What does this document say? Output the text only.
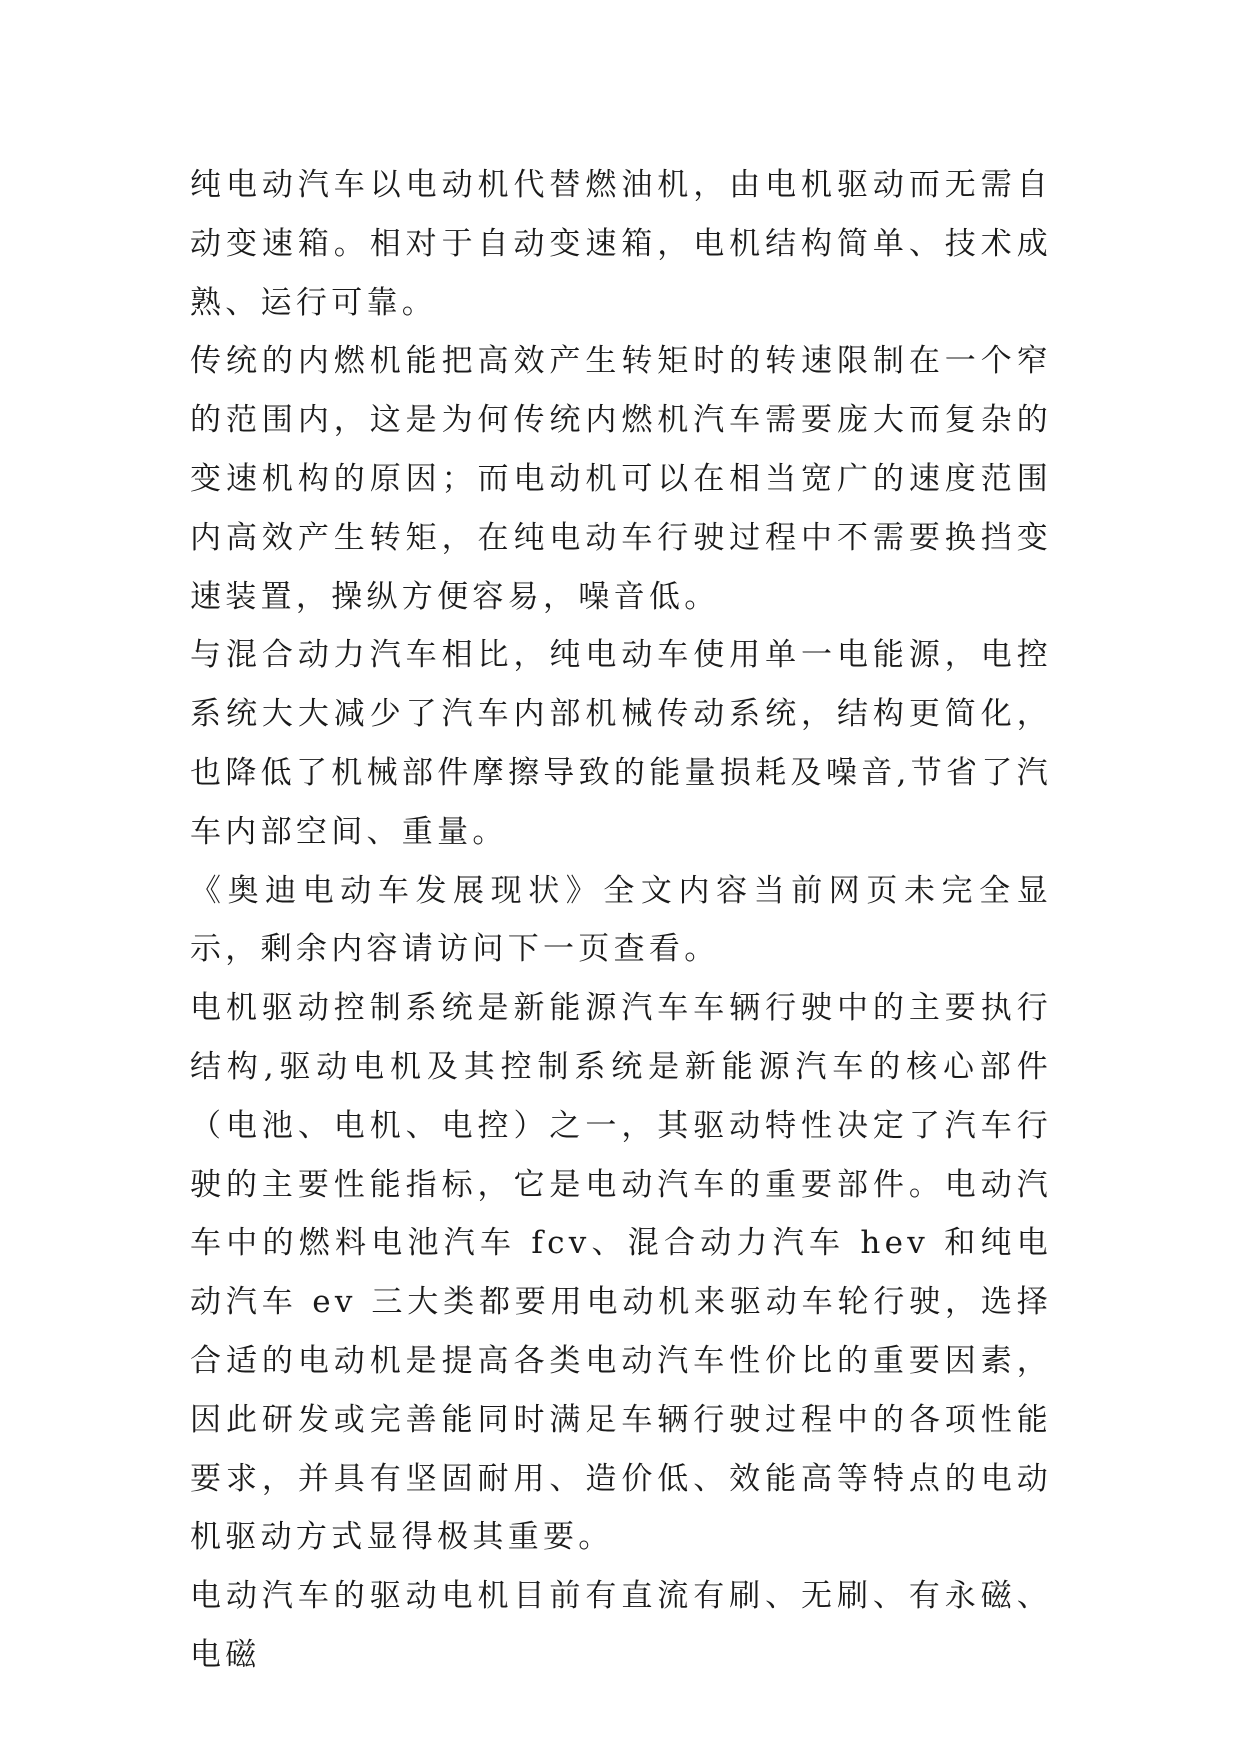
纯电动汽车以电动机代替燃油机，由电机驱动而无需自动变速箱。相对于自动变速箱，电机结构简单、技术成熟、运行可靠。

传统的内燃机能把高效产生转矩时的转速限制在一个窄的范围内，这是为何传统内燃机汽车需要庞大而复杂的变速机构的原因；而电动机可以在相当宽广的速度范围内高效产生转矩，在纯电动车行驶过程中不需要换挡变速装置，操纵方便容易，噪音低。

与混合动力汽车相比，纯电动车使用单一电能源，电控系统大大减少了汽车内部机械传动系统，结构更简化，也降低了机械部件摩擦导致的能量损耗及噪音,节省了汽车内部空间、重量。

《奥迪电动车发展现状》全文内容当前网页未完全显示，剩余内容请访问下一页查看。

电机驱动控制系统是新能源汽车车辆行驶中的主要执行结构,驱动电机及其控制系统是新能源汽车的核心部件（电池、电机、电控）之一，其驱动特性决定了汽车行驶的主要性能指标，它是电动汽车的重要部件。电动汽车中的燃料电池汽车 fcv、混合动力汽车 hev 和纯电动汽车 ev 三大类都要用电动机来驱动车轮行驶，选择合适的电动机是提高各类电动汽车性价比的重要因素，因此研发或完善能同时满足车辆行驶过程中的各项性能要求，并具有坚固耐用、造价低、效能高等特点的电动机驱动方式显得极其重要。

电动汽车的驱动电机目前有直流有刷、无刷、有永磁、电磁
